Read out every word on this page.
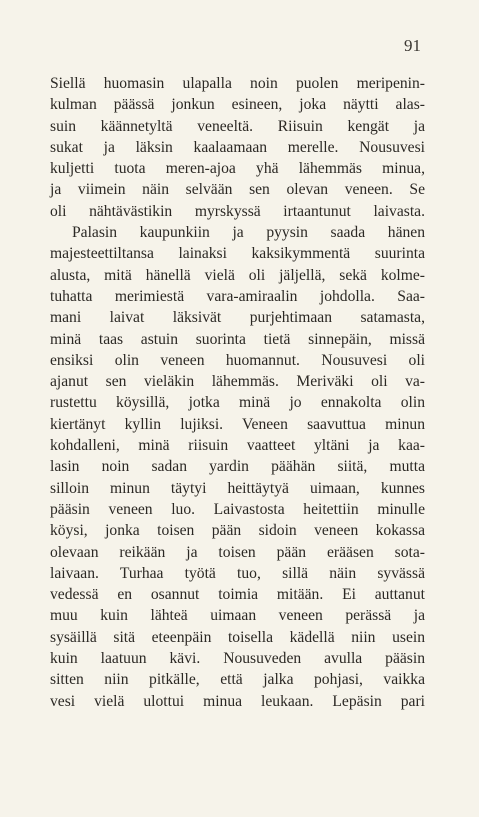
91
Siellä huomasin ulapalla noin puolen meripenin-
kulman päässä jonkun esineen, joka näytti alas-
suin käännetyltä veneeltä. Riisuin kengät ja
sukat ja läksin kaalaamaan merelle. Nousuvesi
kuljetti tuota meren-ajoa yhä lähemmäs minua,
ja viimein näin selvään sen olevan veneen. Se
oli nähtävästikin myrskyssä irtaantunut laivasta.
Palasin kaupunkiin ja pyysin saada hänen
majesteettiltansa lainaksi kaksikymmentä suurinta
alusta, mitä hänellä vielä oli jäljellä, sekä kolme-
tuhatta merimiestä vara-amiraalin johdolla. Saa-
mani laivat läksivät purjehtimaan satamasta,
minä taas astuin suorinta tietä sinnepäin, missä
ensiksi olin veneen huomannut. Nousuvesi oli
ajanut sen vieläkin lähemmäs. Meriväki oli va-
rustettu köysillä, jotka minä jo ennakolta olin
kiertänyt kyllin lujiksi. Veneen saavuttua minun
kohdalleni, minä riisuin vaatteet yltäni ja kaa-
lasin noin sadan yardin päähän siitä, mutta
silloin minun täytyi heittäytyä uimaan, kunnes
pääsin veneen luo. Laivastosta heitettiin minulle
köysi, jonka toisen pään sidoin veneen kokassa
olevaan reikään ja toisen pään erääsen sota-
laivaan. Turhaa työtä tuo, sillä näin syvässä
vedessä en osannut toimia mitään. Ei auttanut
muu kuin lähteä uimaan veneen perässä ja
sysäillä sitä eteenpäin toisella kädellä niin usein
kuin laatuun kävi. Nousuveden avulla pääsin
sitten niin pitkälle, että jalka pohjasi, vaikka
vesi vielä ulottui minua leukaan. Lepäsin pari
